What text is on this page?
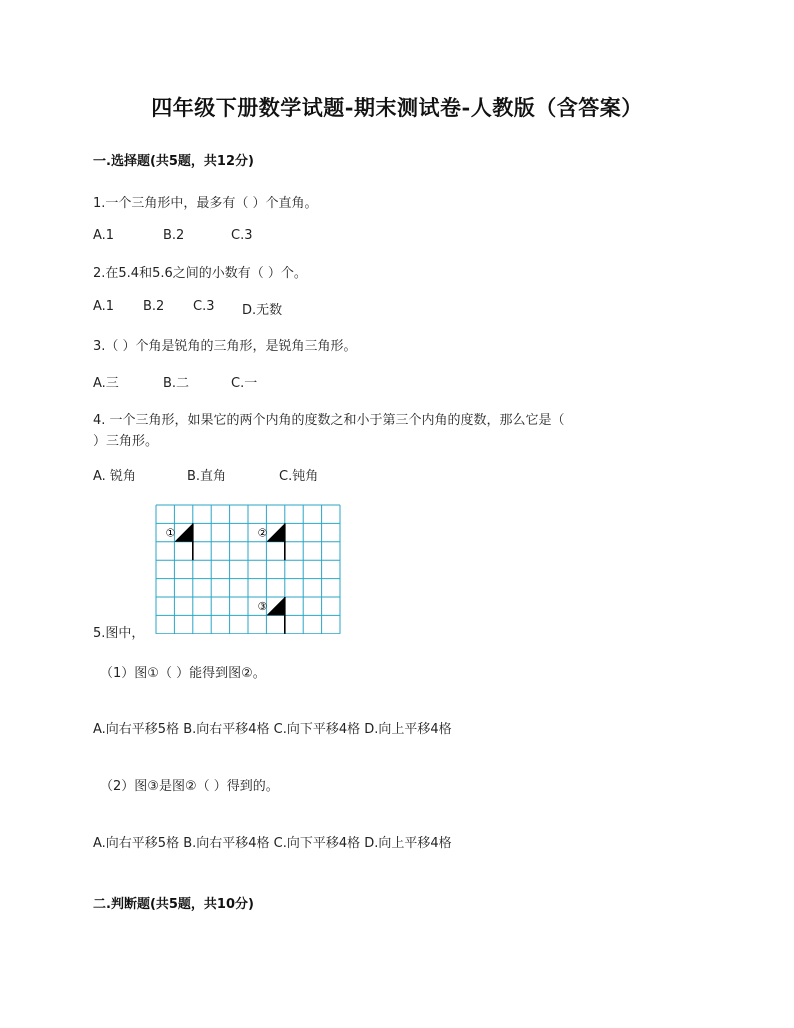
四年级下册数学试题-期末测试卷-人教版（含答案）
一.选择题(共5题，共12分)
1.一个三角形中，最多有（ ）个直角。
A.1	B.2	C.3
2.在5.4和5.6之间的小数有（ ）个。
A.1 B.2 C.3 D.无数
3.（ ）个角是锐角的三角形，是锐角三角形。
A.三	B.二	C.一
4. 一个三角形，如果它的两个内角的度数之和小于第三个内角的度数，那么它是（
）三角形。
A. 锐角	B.直角	C.钝角
①	②
③
5.图中，
（1）图①（ ）能得到图②。
A.向右平移5格 B.向右平移4格 C.向下平移4格 D.向上平移4格
（2）图③是图②（ ）得到的。
A.向右平移5格 B.向右平移4格 C.向下平移4格 D.向上平移4格
二.判断题(共5题，共10分)
